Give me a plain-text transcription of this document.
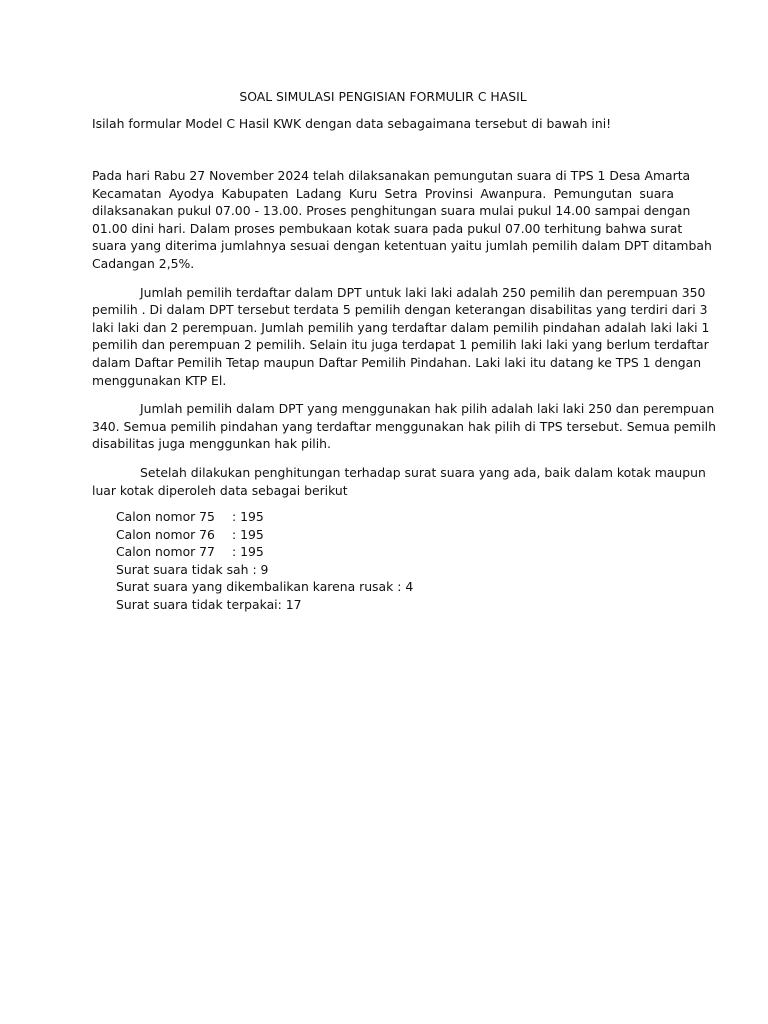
SOAL SIMULASI PENGISIAN FORMULIR C HASIL
Isilah formular Model C Hasil KWK dengan data sebagaimana tersebut di bawah ini!
Pada hari Rabu 27 November 2024 telah dilaksanakan pemungutan suara di TPS 1 Desa Amarta
Kecamatan Ayodya Kabupaten Ladang Kuru Setra Provinsi Awanpura. Pemungutan suara
dilaksanakan pukul 07.00 - 13.00. Proses penghitungan suara mulai pukul 14.00 sampai dengan
01.00 dini hari. Dalam proses pembukaan kotak suara pada pukul 07.00 terhitung bahwa surat
suara yang diterima jumlahnya sesuai dengan ketentuan yaitu jumlah pemilih dalam DPT ditambah
Cadangan 2,5%.
Jumlah pemilih terdaftar dalam DPT untuk laki laki adalah 250 pemilih dan perempuan 350
pemilih . Di dalam DPT tersebut terdata 5 pemilih dengan keterangan disabilitas yang terdiri dari 3
laki laki dan 2 perempuan. Jumlah pemilih yang terdaftar dalam pemilih pindahan adalah laki laki 1
pemilih dan perempuan 2 pemilih. Selain itu juga terdapat 1 pemilih laki laki yang berlum terdaftar
dalam Daftar Pemilih Tetap maupun Daftar Pemilih Pindahan. Laki laki itu datang ke TPS 1 dengan
menggunakan KTP El.
Jumlah pemilih dalam DPT yang menggunakan hak pilih adalah laki laki 250 dan perempuan
340. Semua pemilih pindahan yang terdaftar menggunakan hak pilih di TPS tersebut. Semua pemilh
disabilitas juga menggunkan hak pilih.
Setelah dilakukan penghitungan terhadap surat suara yang ada, baik dalam kotak maupun
luar kotak diperoleh data sebagai berikut
Calon nomor 75 : 195
Calon nomor 76 : 195
Calon nomor 77 : 195
Surat suara tidak sah : 9
Surat suara yang dikembalikan karena rusak : 4
Surat suara tidak terpakai: 17
